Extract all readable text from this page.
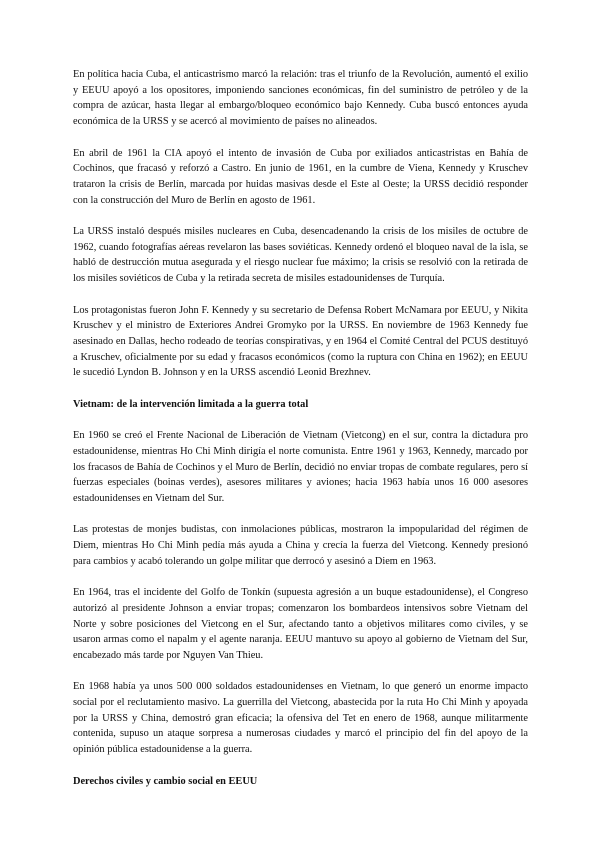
En política hacia Cuba, el anticastrismo marcó la relación: tras el triunfo de la Revolución, aumentó el exilio y EEUU apoyó a los opositores, imponiendo sanciones económicas, fin del suministro de petróleo y de la compra de azúcar, hasta llegar al embargo/bloqueo económico bajo Kennedy. Cuba buscó entonces ayuda económica de la URSS y se acercó al movimiento de países no alineados.

En abril de 1961 la CIA apoyó el intento de invasión de Cuba por exiliados anticastristas en Bahía de Cochinos, que fracasó y reforzó a Castro. En junio de 1961, en la cumbre de Viena, Kennedy y Kruschev trataron la crisis de Berlín, marcada por huidas masivas desde el Este al Oeste; la URSS decidió responder con la construcción del Muro de Berlín en agosto de 1961.

La URSS instaló después misiles nucleares en Cuba, desencadenando la crisis de los misiles de octubre de 1962, cuando fotografías aéreas revelaron las bases soviéticas. Kennedy ordenó el bloqueo naval de la isla, se habló de destrucción mutua asegurada y el riesgo nuclear fue máximo; la crisis se resolvió con la retirada de los misiles soviéticos de Cuba y la retirada secreta de misiles estadounidenses de Turquía.

Los protagonistas fueron John F. Kennedy y su secretario de Defensa Robert McNamara por EEUU, y Nikita Kruschev y el ministro de Exteriores Andrei Gromyko por la URSS. En noviembre de 1963 Kennedy fue asesinado en Dallas, hecho rodeado de teorías conspirativas, y en 1964 el Comité Central del PCUS destituyó a Kruschev, oficialmente por su edad y fracasos económicos (como la ruptura con China en 1962); en EEUU le sucedió Lyndon B. Johnson y en la URSS ascendió Leonid Brezhnev.

Vietnam: de la intervención limitada a la guerra total

En 1960 se creó el Frente Nacional de Liberación de Vietnam (Vietcong) en el sur, contra la dictadura pro estadounidense, mientras Ho Chi Minh dirigía el norte comunista. Entre 1961 y 1963, Kennedy, marcado por los fracasos de Bahía de Cochinos y el Muro de Berlín, decidió no enviar tropas de combate regulares, pero sí fuerzas especiales (boinas verdes), asesores militares y aviones; hacia 1963 había unos 16 000 asesores estadounidenses en Vietnam del Sur.

Las protestas de monjes budistas, con inmolaciones públicas, mostraron la impopularidad del régimen de Diem, mientras Ho Chi Minh pedía más ayuda a China y crecía la fuerza del Vietcong. Kennedy presionó para cambios y acabó tolerando un golpe militar que derrocó y asesinó a Diem en 1963.

En 1964, tras el incidente del Golfo de Tonkín (supuesta agresión a un buque estadounidense), el Congreso autorizó al presidente Johnson a enviar tropas; comenzaron los bombardeos intensivos sobre Vietnam del Norte y sobre posiciones del Vietcong en el Sur, afectando tanto a objetivos militares como civiles, y se usaron armas como el napalm y el agente naranja. EEUU mantuvo su apoyo al gobierno de Vietnam del Sur, encabezado más tarde por Nguyen Van Thieu.

En 1968 había ya unos 500 000 soldados estadounidenses en Vietnam, lo que generó un enorme impacto social por el reclutamiento masivo. La guerrilla del Vietcong, abastecida por la ruta Ho Chi Minh y apoyada por la URSS y China, demostró gran eficacia; la ofensiva del Tet en enero de 1968, aunque militarmente contenida, supuso un ataque sorpresa a numerosas ciudades y marcó el principio del fin del apoyo de la opinión pública estadounidense a la guerra.

Derechos civiles y cambio social en EEUU
